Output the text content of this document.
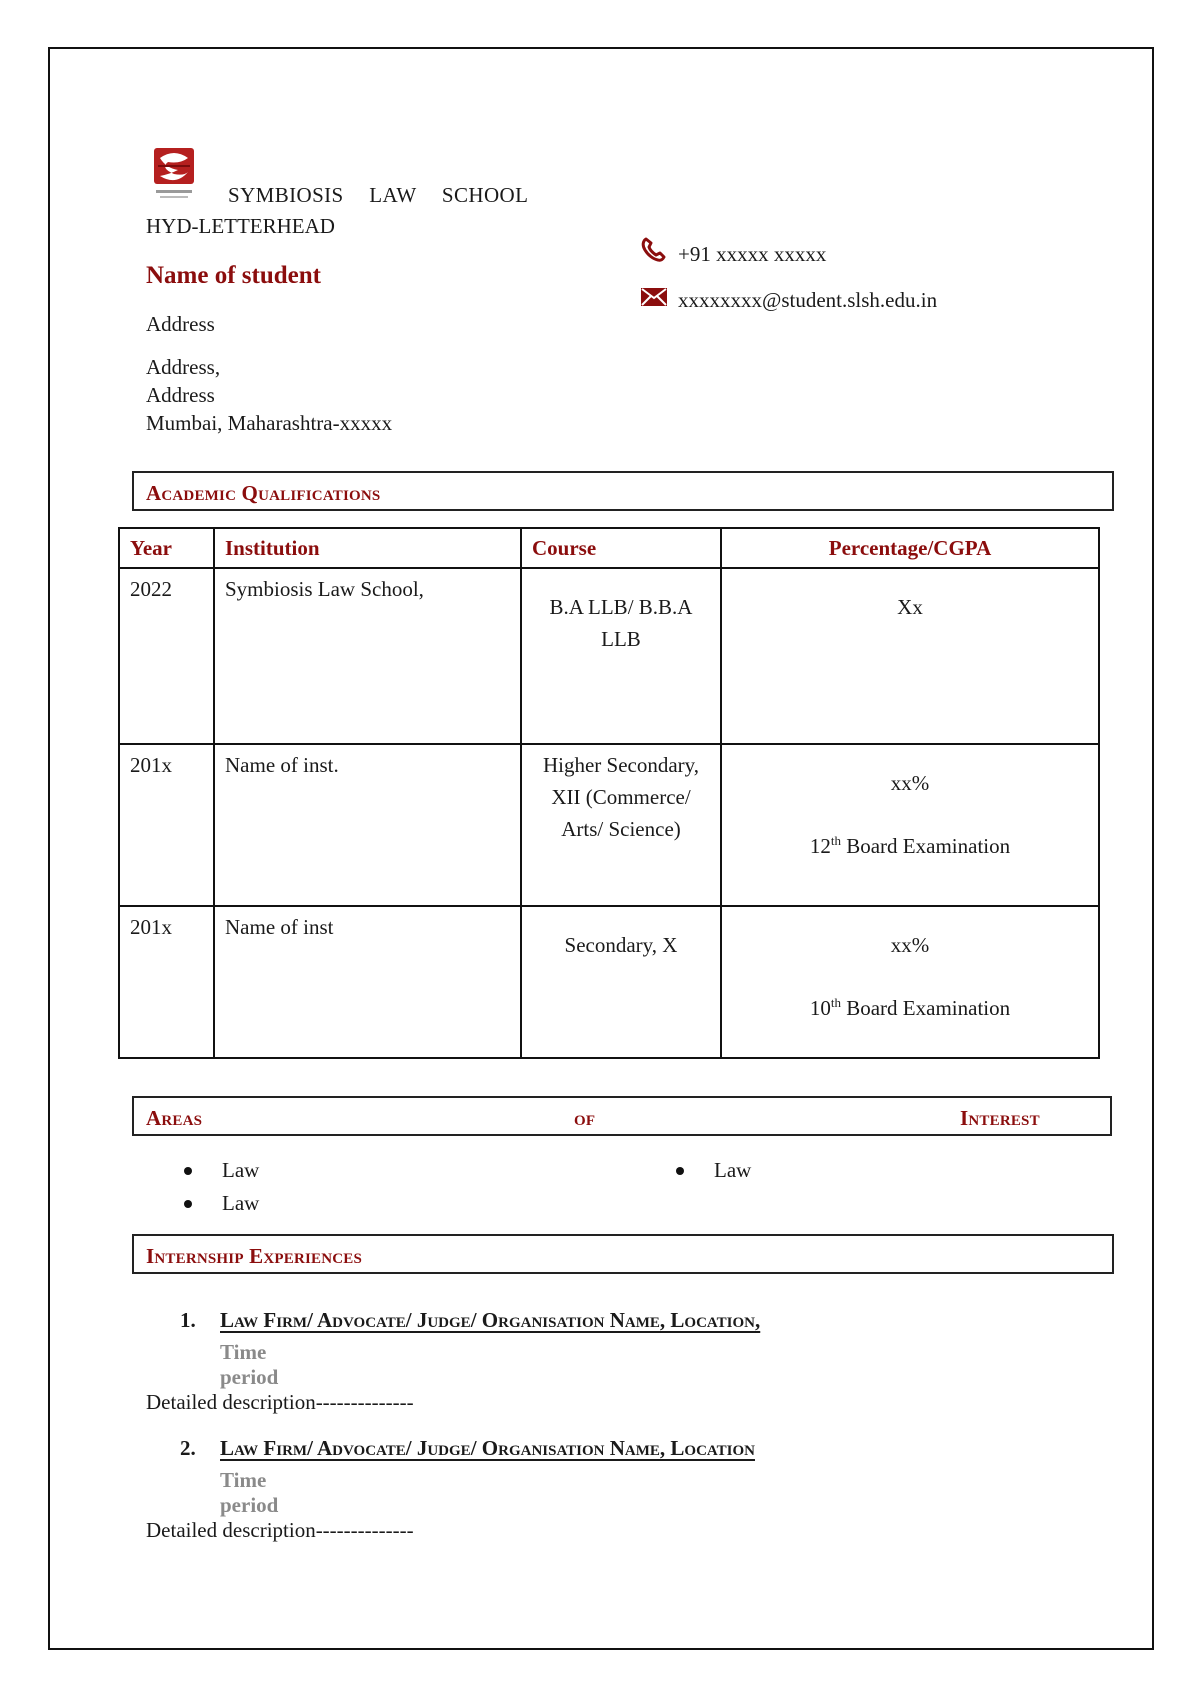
SYMBIOSIS LAW SCHOOL
HYD-LETTERHEAD
Name of student
Address
Address,
Address
Mumbai, Maharashtra-xxxxx
+91 xxxxx xxxxx
xxxxxxxx@student.slsh.edu.in
Academic Qualifications
Year	Institution	Course	Percentage/CGPA
2022	Symbiosis Law School,	B.A LLB/ B.B.A LLB	Xx
201x	Name of inst.	Higher Secondary, XII (Commerce/ Arts/ Science)	xx%
12th Board Examination

201x	Name of inst	Secondary, X	xx%
10th Board Examination
Areas	of	Interest
Law
Law
Law
Internship Experiences
1. Law Firm/ Advocate/ Judge/ Organisation Name, Location,
Time period
Detailed description--------------
2. Law Firm/ Advocate/ Judge/ Organisation Name, Location
Time period
Detailed description--------------
